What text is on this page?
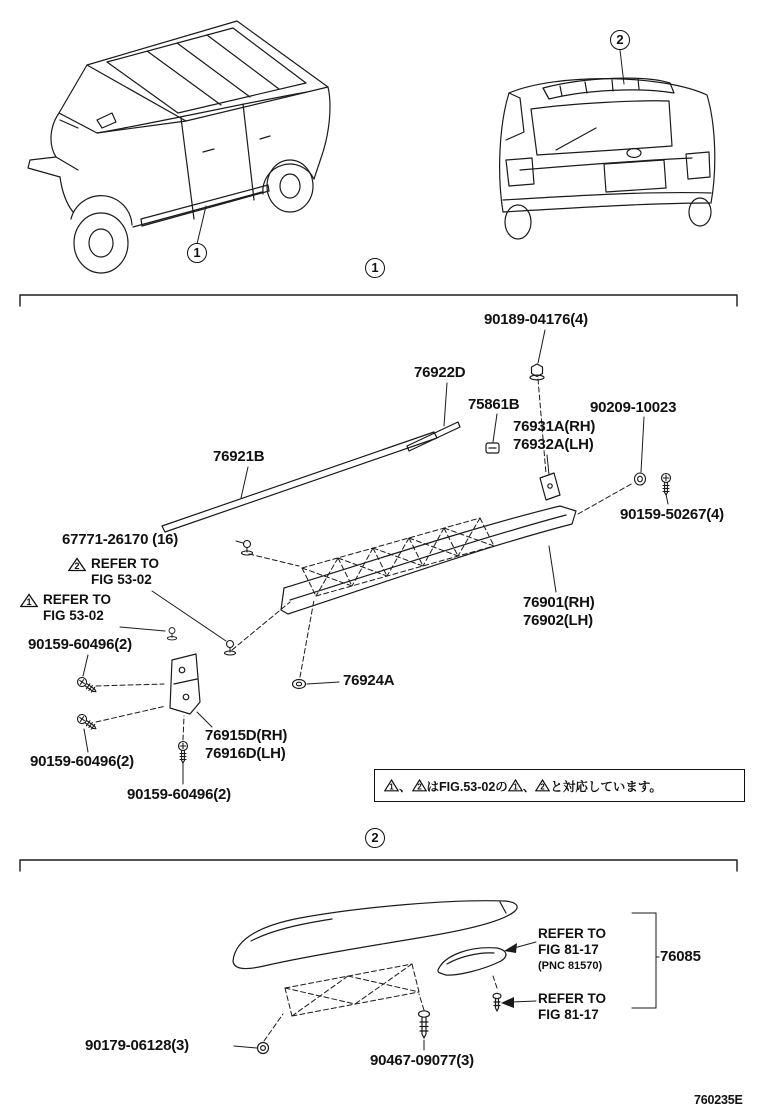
1
2
1
2
90189-04176(4)
76922D
75861B	90209-10023
76931A(RH)
76932A(LH)
76921B
90159-50267(4)
67771-26170 (16)
2 REFER TO
FIG 53-02
1 REFER TO
FIG 53-02
90159-60496(2)
76901(RH)
76902(LH)
76924A
76915D(RH)
76916D(LH)
90159-60496(2)
90159-60496(2)	1 、 2 はFIG.53-02の 1 、 2 と対応しています。
REFER TO
FIG 81-17
(PNC 81570)
76085
REFER TO
FIG 81-17
90179-06128(3)
90467-09077(3)
760235E
